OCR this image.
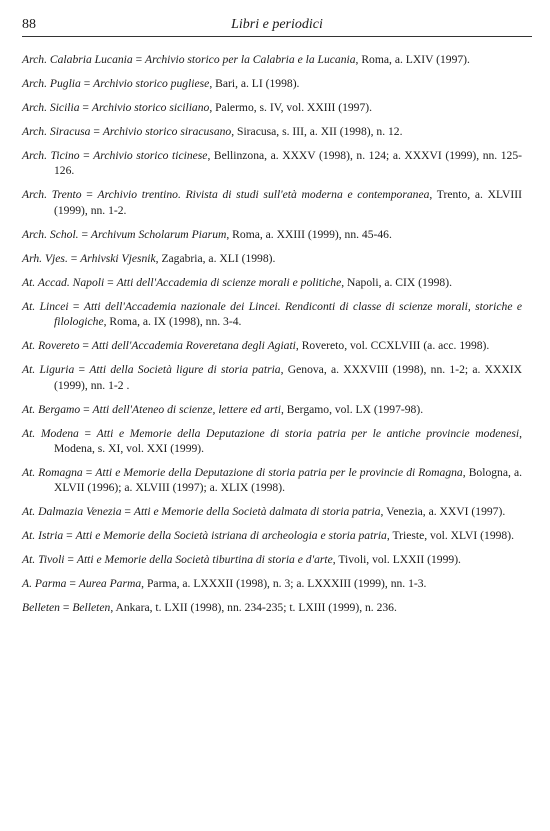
88	Libri e periodici

Arch. Calabria Lucania = Archivio storico per la Calabria e la Lucania, Roma, a. LXIV (1997).

Arch. Puglia = Archivio storico pugliese, Bari, a. LI (1998).

Arch. Sicilia = Archivio storico siciliano, Palermo, s. IV, vol. XXIII (1997).

Arch. Siracusa = Archivio storico siracusano, Siracusa, s. III, a. XII (1998), n. 12.

Arch. Ticino = Archivio storico ticinese, Bellinzona, a. XXXV (1998), n. 124; a. XXXVI (1999), nn. 125-126.

Arch. Trento = Archivio trentino. Rivista di studi sull'età moderna e contemporanea, Trento, a. XLVIII (1999), nn. 1-2.

Arch. Schol. = Archivum Scholarum Piarum, Roma, a. XXIII (1999), nn. 45-46.

Arh. Vjes. = Arhivski Vjesnik, Zagabria, a. XLI (1998).

At. Accad. Napoli = Atti dell'Accademia di scienze morali e politiche, Napoli, a. CIX (1998).

At. Lincei = Atti dell'Accademia nazionale dei Lincei. Rendiconti di classe di scienze morali, storiche e filologiche, Roma, a. IX (1998), nn. 3-4.

At. Rovereto = Atti dell'Accademia Roveretana degli Agiati, Rovereto, vol. CCXLVIII (a. acc. 1998).

At. Liguria = Atti della Società ligure di storia patria, Genova, a. XXXVIII (1998), nn. 1-2; a. XXXIX (1999), nn. 1-2 .

At. Bergamo = Atti dell'Ateneo di scienze, lettere ed arti, Bergamo, vol. LX (1997-98).

At. Modena = Atti e Memorie della Deputazione di storia patria per le antiche provincie modenesi, Modena, s. XI, vol. XXI (1999).

At. Romagna = Atti e Memorie della Deputazione di storia patria per le provincie di Romagna, Bologna, a. XLVII (1996); a. XLVIII (1997); a. XLIX (1998).

At. Dalmazia Venezia = Atti e Memorie della Società dalmata di storia patria, Venezia, a. XXVI (1997).

At. Istria = Atti e Memorie della Società istriana di archeologia e storia patria, Trieste, vol. XLVI (1998).

At. Tivoli = Atti e Memorie della Società tiburtina di storia e d'arte, Tivoli, vol. LXXII (1999).

A. Parma = Aurea Parma, Parma, a. LXXXII (1998), n. 3; a. LXXXIII (1999), nn. 1-3.

Belleten = Belleten, Ankara, t. LXII (1998), nn. 234-235; t. LXIII (1999), n. 236.
